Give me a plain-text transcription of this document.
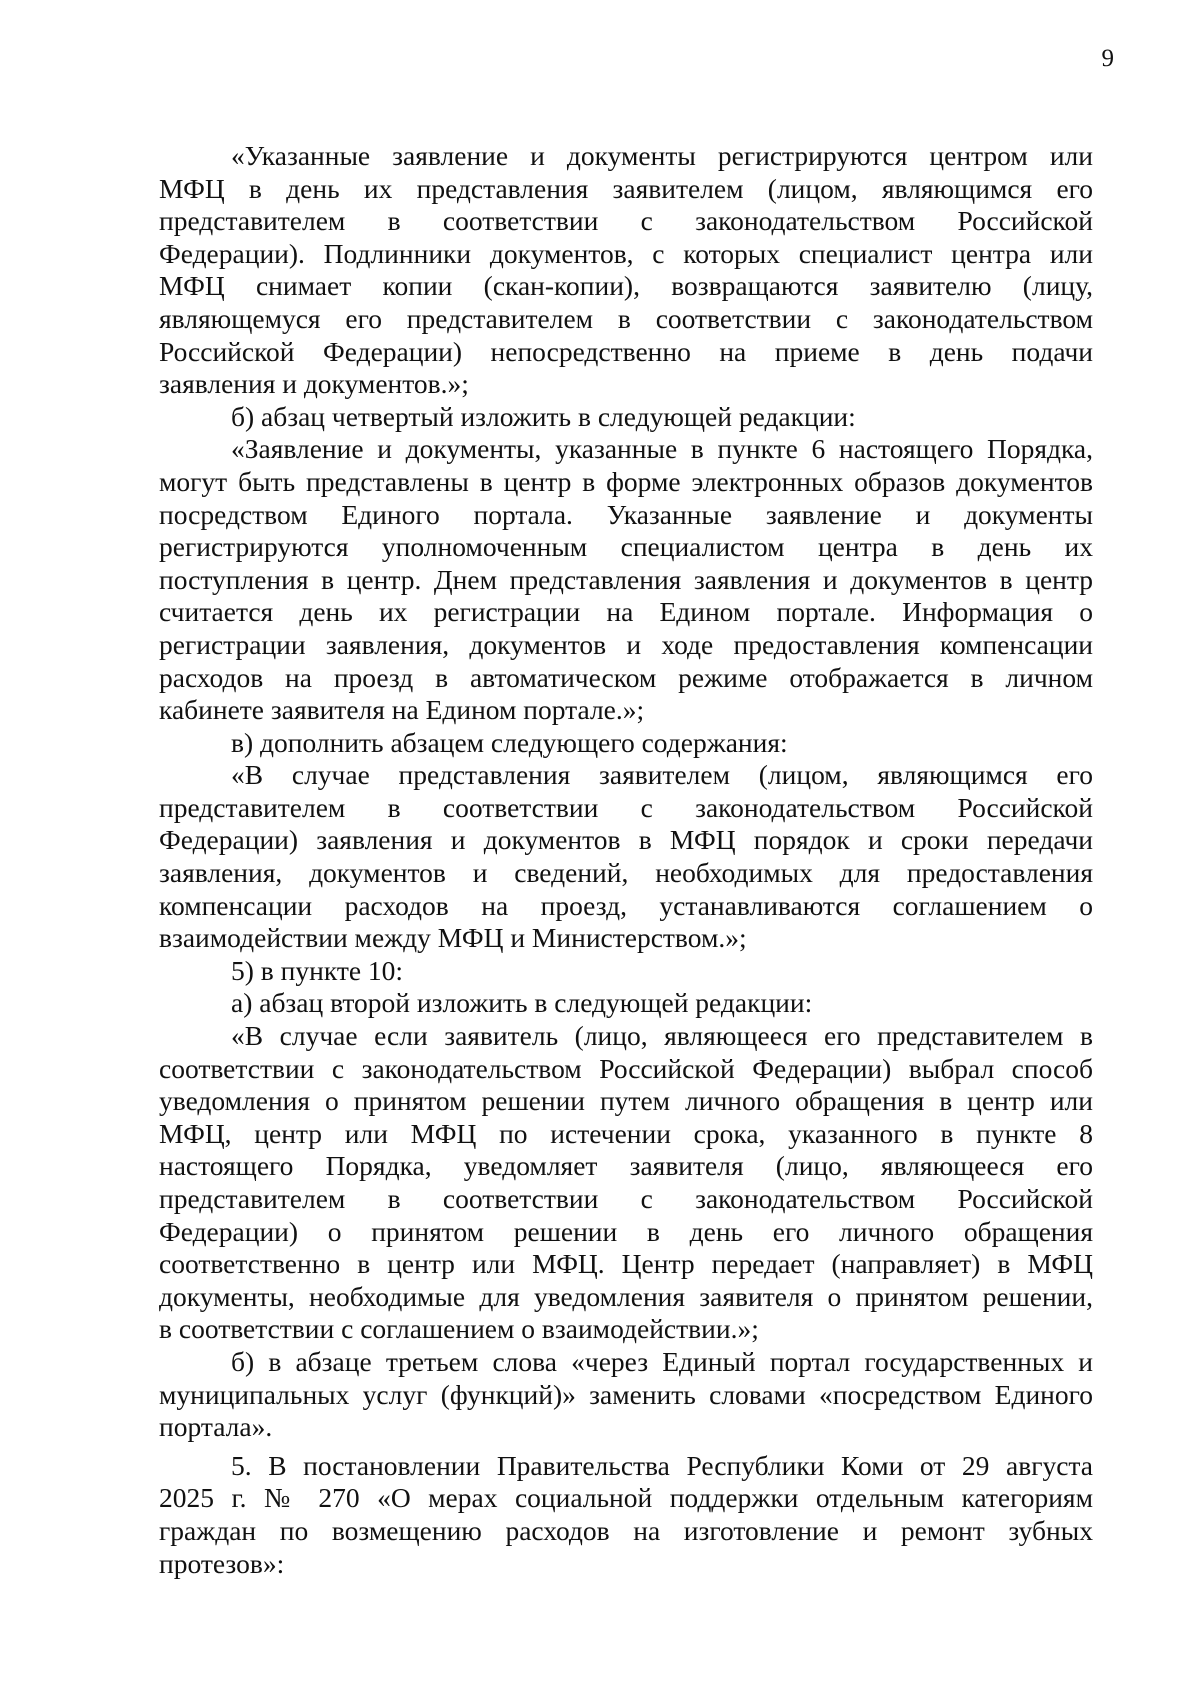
9
«Указанные заявление и документы регистрируются центром или
МФЦ в день их представления заявителем (лицом, являющимся его
представителем в соответствии с законодательством Российской
Федерации). Подлинники документов, с которых специалист центра или
МФЦ снимает копии (скан-копии), возвращаются заявителю (лицу,
являющемуся его представителем в соответствии с законодательством
Российской Федерации) непосредственно на приеме в день подачи
заявления и документов.»;
б) абзац четвертый изложить в следующей редакции:
«Заявление и документы, указанные в пункте 6 настоящего Порядка,
могут быть представлены в центр в форме электронных образов документов
посредством Единого портала. Указанные заявление и документы
регистрируются уполномоченным специалистом центра в день их
поступления в центр. Днем представления заявления и документов в центр
считается день их регистрации на Едином портале. Информация о
регистрации заявления, документов и ходе предоставления компенсации
расходов на проезд в автоматическом режиме отображается в личном
кабинете заявителя на Едином портале.»;
в) дополнить абзацем следующего содержания:
«В случае представления заявителем (лицом, являющимся его
представителем в соответствии с законодательством Российской
Федерации) заявления и документов в МФЦ порядок и сроки передачи
заявления, документов и сведений, необходимых для предоставления
компенсации расходов на проезд, устанавливаются соглашением о
взаимодействии между МФЦ и Министерством.»;
5) в пункте 10:
а) абзац второй изложить в следующей редакции:
«В случае если заявитель (лицо, являющееся его представителем в
соответствии с законодательством Российской Федерации) выбрал способ
уведомления о принятом решении путем личного обращения в центр или
МФЦ, центр или МФЦ по истечении срока, указанного в пункте 8
настоящего Порядка, уведомляет заявителя (лицо, являющееся его
представителем в соответствии с законодательством Российской
Федерации) о принятом решении в день его личного обращения
соответственно в центр или МФЦ. Центр передает (направляет) в МФЦ
документы, необходимые для уведомления заявителя о принятом решении,
в соответствии с соглашением о взаимодействии.»;
б) в абзаце третьем слова «через Единый портал государственных и
муниципальных услуг (функций)» заменить словами «посредством Единого
портала».
5. В постановлении Правительства Республики Коми от 29 августа
2025 г. № 270 «О мерах социальной поддержки отдельным категориям
граждан по возмещению расходов на изготовление и ремонт зубных
протезов»:
